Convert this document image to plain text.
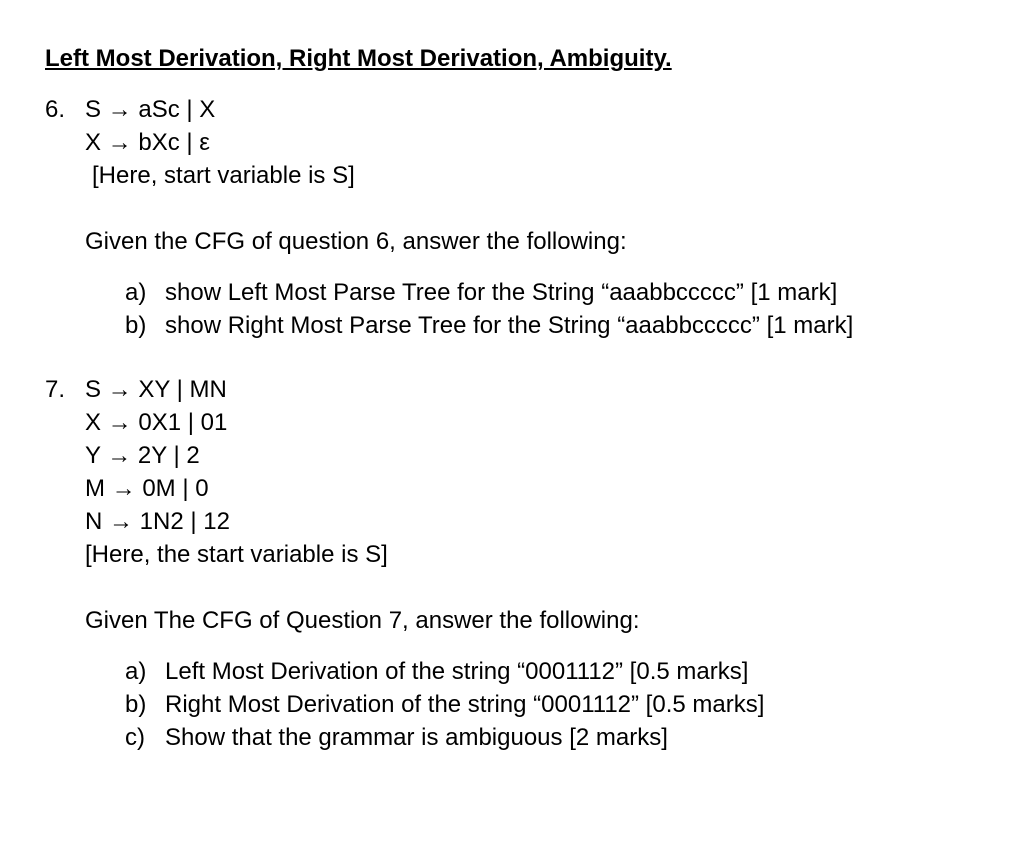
Left Most Derivation, Right Most Derivation, Ambiguity.
6. S → aSc | X
X → bXc | ε
[Here, start variable is S]
Given the CFG of question 6, answer the following:
a) show Left Most Parse Tree for the String “aaabbccccc” [1 mark]
b) show Right Most Parse Tree for the String “aaabbccccc” [1 mark]
7. S → XY | MN
X → 0X1 | 01
Y → 2Y | 2
M → 0M | 0
N → 1N2 | 12
[Here, the start variable is S]
Given The CFG of Question 7, answer the following:
a) Left Most Derivation of the string “0001112” [0.5 marks]
b) Right Most Derivation of the string “0001112” [0.5 marks]
c) Show that the grammar is ambiguous [2 marks]
